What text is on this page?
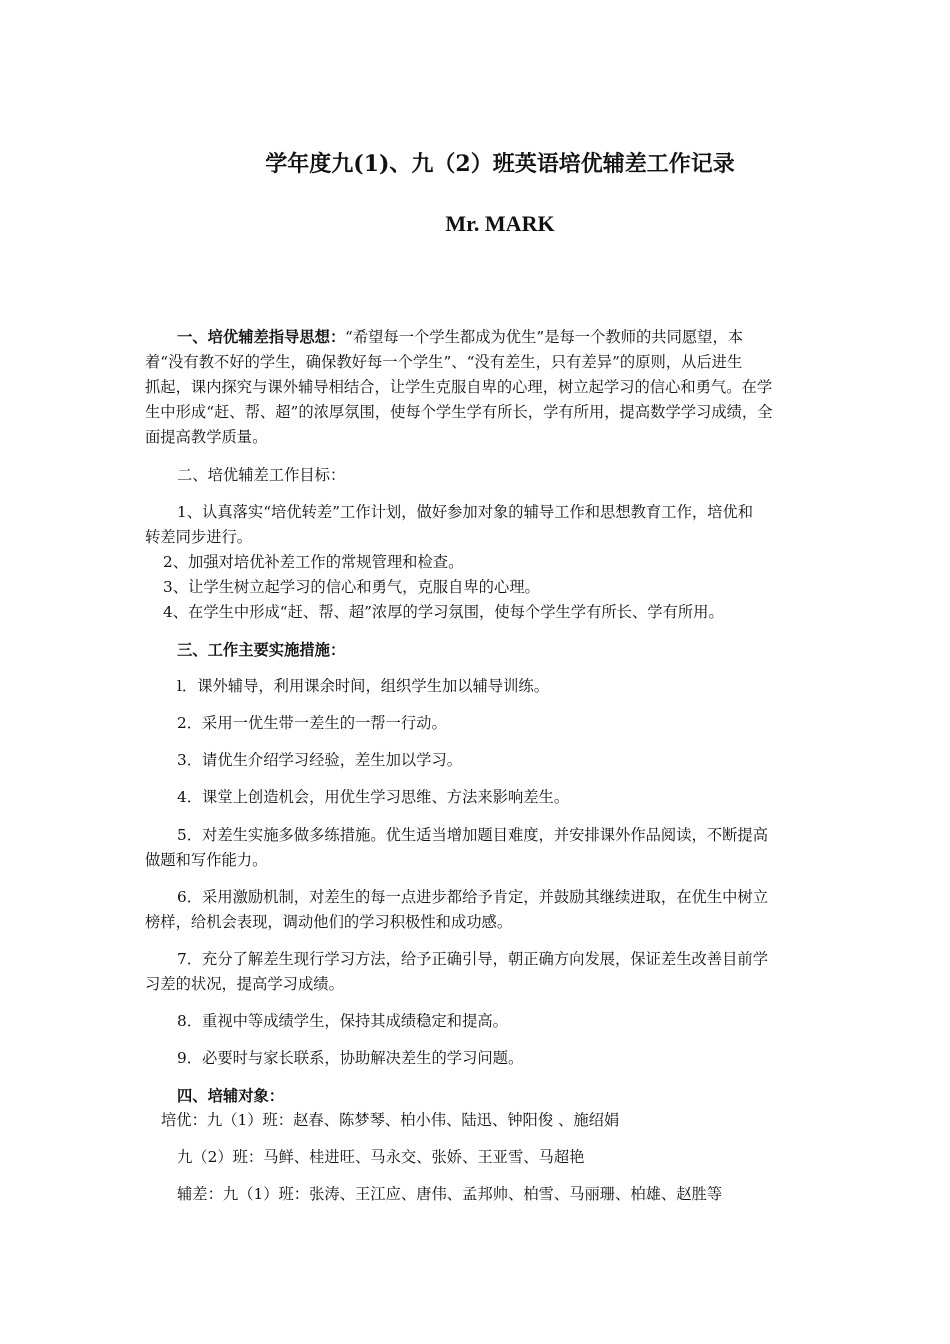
学年度九(1)、九（2）班英语培优辅差工作记录
Mr. MARK
一、培优辅差指导思想： “希望每一个学生都成为优生”是每一个教师的共同愿望，本
着“没有教不好的学生，确保教好每一个学生”、“没有差生，只有差异”的原则，从后进生
抓起，课内探究与课外辅导相结合，让学生克服自卑的心理，树立起学习的信心和勇气。在学
生中形成“赶、帮、超”的浓厚氛围，使每个学生学有所长，学有所用，提高数学学习成绩，全
面提高教学质量。
二、培优辅差工作目标：
1、认真落实“培优转差”工作计划，做好参加对象的辅导工作和思想教育工作，培优和
转差同步进行。
2、加强对培优补差工作的常规管理和检查。
3、让学生树立起学习的信心和勇气，克服自卑的心理。
4、在学生中形成“赶、帮、超”浓厚的学习氛围，使每个学生学有所长、学有所用。
三、工作主要实施措施：
l．课外辅导，利用课余时间，组织学生加以辅导训练。
2．采用一优生带一差生的一帮一行动。
3．请优生介绍学习经验，差生加以学习。
4．课堂上创造机会，用优生学习思维、方法来影响差生。
5．对差生实施多做多练措施。优生适当增加题目难度，并安排课外作品阅读，不断提高
做题和写作能力。
6．采用激励机制，对差生的每一点进步都给予肯定，并鼓励其继续进取，在优生中树立
榜样，给机会表现，调动他们的学习积极性和成功感。
7．充分了解差生现行学习方法，给予正确引导，朝正确方向发展，保证差生改善目前学
习差的状况，提高学习成绩。
8．重视中等成绩学生，保持其成绩稳定和提高。
9．必要时与家长联系，协助解决差生的学习问题。
四、培辅对象：
培优：九（1）班：赵春、陈梦琴、柏小伟、陆迅、钟阳俊 、施绍娟
九（2）班：马鲜、桂进旺、马永交、张娇、王亚雪、马超艳
辅差：九（1）班：张涛、王江应、唐伟、孟邦帅、柏雪、马丽珊、柏雄、赵胜等
